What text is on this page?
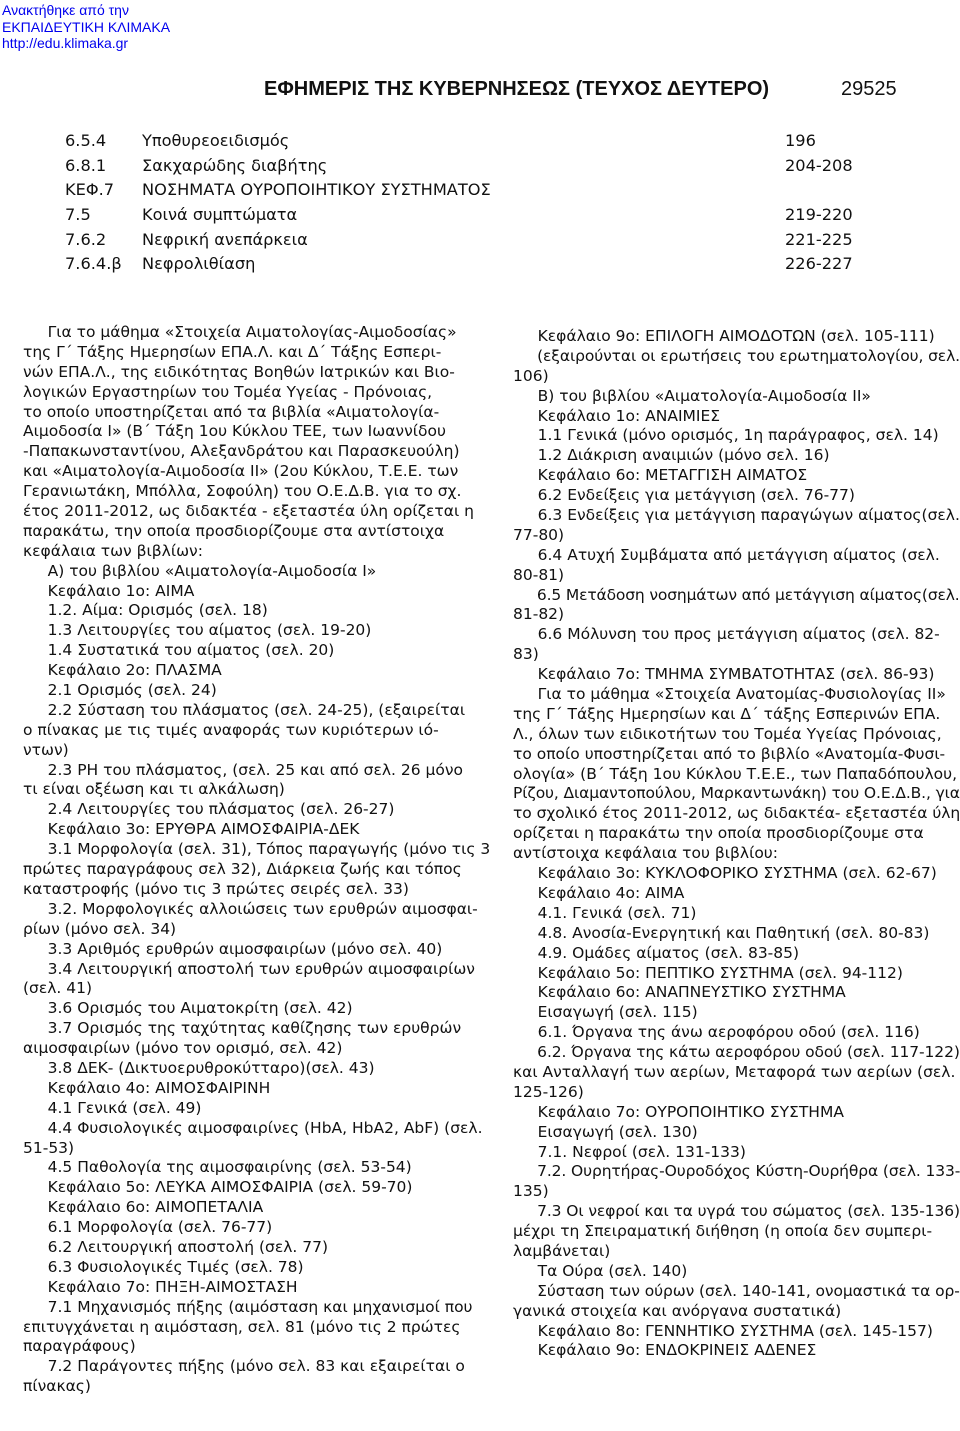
Ανακτήθηκε από την
ΕΚΠΑΙΔΕΥΤΙΚΗ ΚΛΙΜΑΚΑ
http://edu.klimaka.gr
ΕΦΗΜΕΡΙΣ ΤΗΣ ΚΥΒΕΡΝΗΣΕΩΣ (ΤΕΥΧΟΣ ΔΕΥΤΕΡΟ)	29525
6.5.4 Υποθυρεοειδισμός	196
6.8.1 Σακχαρώδης διαβήτης	204-208
ΚΕΦ.7 ΝΟΣΗΜΑΤΑ ΟΥΡΟΠΟΙΗΤΙΚΟΥ ΣΥΣΤΗΜΑΤΟΣ
7.5	Κοινά συμπτώματα	219-220
7.6.2 Νεφρική ανεπάρκεια	221-225
7.6.4.β Νεφρολιθίαση	226-227
Για το μάθημα «Στοιχεία Αιματολογίας-Αιμοδοσίας»
της Γ΄ Τάξης Ημερησίων ΕΠΑ.Λ. και Δ΄ Τάξης Εσπερι-
νών ΕΠΑ.Λ., της ειδικότητας Βοηθών Ιατρικών και Βιο-
λογικών Εργαστηρίων του Τομέα Υγείας - Πρόνοιας,
το οποίο υποστηρίζεται από τα βιβλία «Αιματολογία-
Αιμοδοσία I» (Β΄ Τάξη 1ου Κύκλου ΤΕΕ, των Ιωαννίδου
-Παπακωνσταντίνου, Αλεξανδράτου και Παρασκευούλη)
και «Αιματολογία-Αιμοδοσία ΙΙ» (2ου Κύκλου, Τ.Ε.Ε. των
Γερανιωτάκη, Μπόλλα, Σοφούλη) του Ο.Ε.Δ.Β. για το σχ.
έτος 2011-2012, ως διδακτέα - εξεταστέα ύλη ορίζεται η
παρακάτω, την οποία προσδιορίζουμε στα αντίστοιχα
κεφάλαια των βιβλίων:
Α) του βιβλίου «Αιματολογία-Αιμοδοσία Ι»
Κεφάλαιο 1ο: ΑΙΜΑ
1.2. Αίμα: Ορισμός (σελ. 18)
1.3 Λειτουργίες του αίματος (σελ. 19-20)
1.4 Συστατικά του αίματος (σελ. 20)
Κεφάλαιο 2ο: ΠΛΑΣΜΑ
2.1 Ορισμός (σελ. 24)
2.2 Σύσταση του πλάσματος (σελ. 24-25), (εξαιρείται
ο πίνακας με τις τιμές αναφοράς των κυριότερων ιό-
ντων)
2.3 PH του πλάσματος, (σελ. 25 και από σελ. 26 μόνο
τι είναι οξέωση και τι αλκάλωση)
2.4 Λειτουργίες του πλάσματος (σελ. 26-27)
Κεφάλαιο 3ο: ΕΡΥΘΡΑ ΑΙΜΟΣΦΑΙΡΙΑ-ΔΕΚ
3.1 Μορφολογία (σελ. 31), Τόπος παραγωγής (μόνο τις 3
πρώτες παραγράφους σελ 32), Διάρκεια ζωής και τόπος
καταστροφής (μόνο τις 3 πρώτες σειρές σελ. 33)
3.2. Μορφολογικές αλλοιώσεις των ερυθρών αιμοσφαι-
ρίων (μόνο σελ. 34)
3.3 Αριθμός ερυθρών αιμοσφαιρίων (μόνο σελ. 40)
3.4 Λειτουργική αποστολή των ερυθρών αιμοσφαιρίων
(σελ. 41)
3.6 Ορισμός του Αιματοκρίτη (σελ. 42)
3.7 Ορισμός της ταχύτητας καθίζησης των ερυθρών
αιμοσφαιρίων (μόνο τον ορισμό, σελ. 42)
3.8 ΔΕΚ- (Δικτυοερυθροκύτταρο)(σελ. 43)
Κεφάλαιο 4ο: ΑΙΜΟΣΦΑΙΡΙΝΗ
4.1 Γενικά (σελ. 49)
4.4 Φυσιολογικές αιμοσφαιρίνες (HbA, HbA2, AbF) (σελ.
51-53)
4.5 Παθολογία της αιμοσφαιρίνης (σελ. 53-54)
Κεφάλαιο 5ο: ΛΕΥΚΑ ΑΙΜΟΣΦΑΙΡΙΑ (σελ. 59-70)
Κεφάλαιο 6ο: ΑΙΜΟΠΕΤΑΛΙΑ
6.1 Μορφολογία (σελ. 76-77)
6.2 Λειτουργική αποστολή (σελ. 77)
6.3 Φυσιολογικές Τιμές (σελ. 78)
Κεφάλαιο 7ο: ΠΗΞΗ-ΑΙΜΟΣΤΑΣΗ
7.1 Μηχανισμός πήξης (αιμόσταση και μηχανισμοί που
επιτυγχάνεται η αιμόσταση, σελ. 81 (μόνο τις 2 πρώτες
παραγράφους)
7.2 Παράγοντες πήξης (μόνο σελ. 83 και εξαιρείται ο
πίνακας)
Κεφάλαιο 9ο: ΕΠΙΛΟΓΗ ΑΙΜΟΔΟΤΩΝ (σελ. 105-111)
(εξαιρούνται οι ερωτήσεις του ερωτηματολογίου, σελ.
106)
Β) του βιβλίου «Αιματολογία-Αιμοδοσία ΙΙ»
Κεφάλαιο 1ο: ΑΝΑΙΜΙΕΣ
1.1 Γενικά (μόνο ορισμός, 1η παράγραφος, σελ. 14)
1.2 Διάκριση αναιμιών (μόνο σελ. 16)
Κεφάλαιο 6ο: ΜΕΤΑΓΓΙΣΗ ΑΙΜΑΤΟΣ
6.2 Ενδείξεις για μετάγγιση (σελ. 76-77)
6.3 Ενδείξεις για μετάγγιση παραγώγων αίματος(σελ.
77-80)
6.4 Ατυχή Συμβάματα από μετάγγιση αίματος (σελ.
80-81)
6.5 Μετάδοση νοσημάτων από μετάγγιση αίματος(σελ.
81-82)
6.6 Μόλυνση του προς μετάγγιση αίματος (σελ. 82-
83)
Κεφάλαιο 7ο: ΤΜΗΜΑ ΣΥΜΒΑΤΟΤΗΤΑΣ (σελ. 86-93)
Για το μάθημα «Στοιχεία Ανατομίας-Φυσιολογίας ΙΙ»
της Γ΄ Τάξης Ημερησίων και Δ΄ τάξης Εσπερινών ΕΠΑ.
Λ., όλων των ειδικοτήτων του Τομέα Υγείας Πρόνοιας,
το οποίο υποστηρίζεται από το βιβλίο «Ανατομία-Φυσι-
ολογία» (Β΄ Τάξη 1ου Κύκλου Τ.Ε.Ε., των Παπαδόπουλου,
Ρίζου, Διαμαντοπούλου, Μαρκαντωνάκη) του Ο.Ε.Δ.Β., για
το σχολικό έτος 2011-2012, ως διδακτέα- εξεταστέα ύλη
ορίζεται η παρακάτω την οποία προσδιορίζουμε στα
αντίστοιχα κεφάλαια του βιβλίου:
Κεφάλαιο 3ο: ΚΥΚΛΟΦΟΡΙΚΟ ΣΥΣΤΗΜΑ (σελ. 62-67)
Κεφάλαιο 4ο: ΑΙΜΑ
4.1. Γενικά (σελ. 71)
4.8. Ανοσία-Ενεργητική και Παθητική (σελ. 80-83)
4.9. Ομάδες αίματος (σελ. 83-85)
Κεφάλαιο 5ο: ΠΕΠΤΙΚΟ ΣΥΣΤΗΜΑ (σελ. 94-112)
Κεφάλαιο 6ο: ΑΝΑΠΝΕΥΣΤΙΚΟ ΣΥΣΤΗΜΑ
Εισαγωγή (σελ. 115)
6.1. Όργανα της άνω αεροφόρου οδού (σελ. 116)
6.2. Όργανα της κάτω αεροφόρου οδού (σελ. 117-122)
και Ανταλλαγή των αερίων, Μεταφορά των αερίων (σελ.
125-126)
Κεφάλαιο 7ο: ΟΥΡΟΠΟΙΗΤΙΚΟ ΣΥΣΤΗΜΑ
Εισαγωγή (σελ. 130)
7.1. Νεφροί (σελ. 131-133)
7.2. Ουρητήρας-Ουροδόχος Κύστη-Ουρήθρα (σελ. 133-
135)
7.3 Οι νεφροί και τα υγρά του σώματος (σελ. 135-136)
μέχρι τη Σπειραματική διήθηση (η οποία δεν συμπερι-
λαμβάνεται)
Τα Ούρα (σελ. 140)
Σύσταση των ούρων (σελ. 140-141, ονομαστικά τα ορ-
γανικά στοιχεία και ανόργανα συστατικά)
Κεφάλαιο 8ο: ΓΕΝΝΗΤΙΚΟ ΣΥΣΤΗΜΑ (σελ. 145-157)
Κεφάλαιο 9ο: ΕΝΔΟΚΡΙΝΕΙΣ ΑΔΕΝΕΣ
